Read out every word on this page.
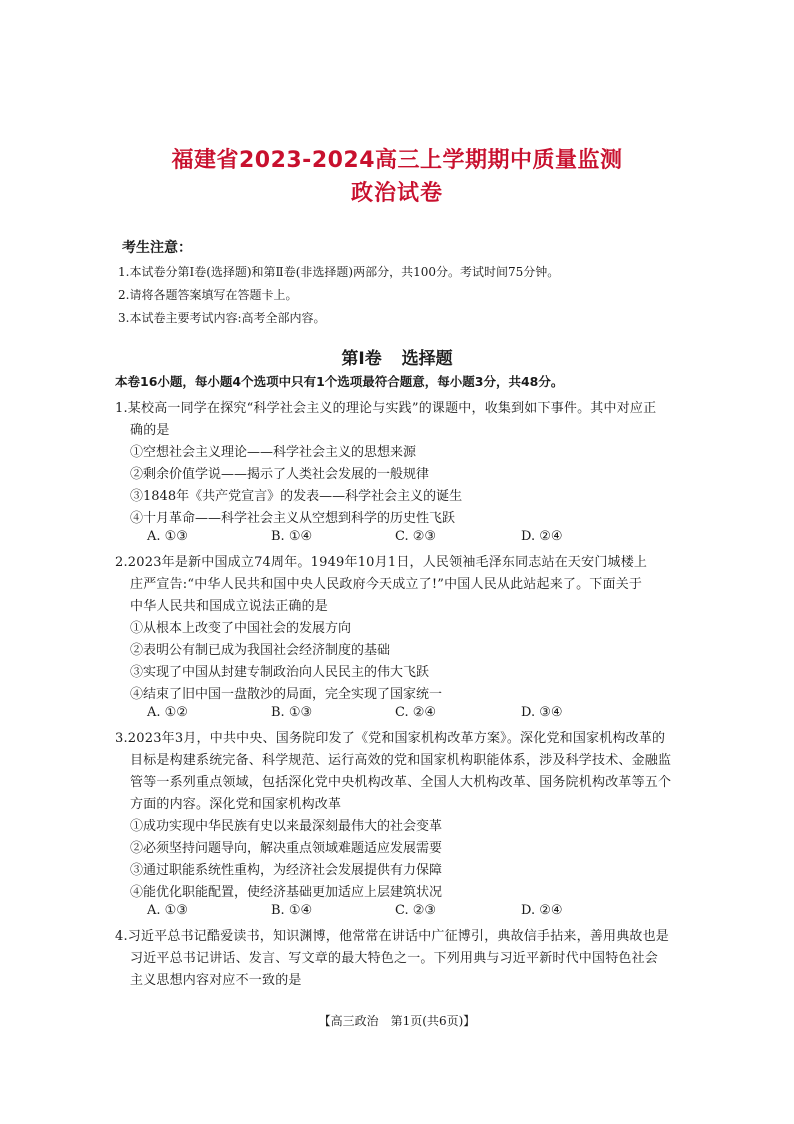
福建省2023-2024高三上学期期中质量监测
政治试卷
考生注意：
1.本试卷分第Ⅰ卷(选择题)和第Ⅱ卷(非选择题)两部分，共100分。考试时间75分钟。
2.请将各题答案填写在答题卡上。
3.本试卷主要考试内容:高考全部内容。
第Ⅰ卷 选择题
本卷16小题，每小题4个选项中只有1个选项最符合题意，每小题3分，共48分。
1.某校高一同学在探究“科学社会主义的理论与实践”的课题中，收集到如下事件。其中对应正
确的是
①空想社会主义理论——科学社会主义的思想来源
②剩余价值学说——揭示了人类社会发展的一般规律
③1848年《共产党宣言》的发表——科学社会主义的诞生
④十月革命——科学社会主义从空想到科学的历史性飞跃
A. ①③	B. ①④	C. ②③	D. ②④
2.2023年是新中国成立74周年。1949年10月1日，人民领袖毛泽东同志站在天安门城楼上
庄严宣告:“中华人民共和国中央人民政府今天成立了!”中国人民从此站起来了。下面关于
中华人民共和国成立说法正确的是
①从根本上改变了中国社会的发展方向
②表明公有制已成为我国社会经济制度的基础
③实现了中国从封建专制政治向人民民主的伟大飞跃
④结束了旧中国一盘散沙的局面，完全实现了国家统一
A. ①②	B. ①③	C. ②④	D. ③④
3.2023年3月，中共中央、国务院印发了《党和国家机构改革方案》。深化党和国家机构改革的
目标是构建系统完备、科学规范、运行高效的党和国家机构职能体系，涉及科学技术、金融监
管等一系列重点领域，包括深化党中央机构改革、全国人大机构改革、国务院机构改革等五个
方面的内容。深化党和国家机构改革
①成功实现中华民族有史以来最深刻最伟大的社会变革
②必须坚持问题导向，解决重点领域难题适应发展需要
③通过职能系统性重构，为经济社会发展提供有力保障
④能优化职能配置，使经济基础更加适应上层建筑状况
A. ①③	B. ①④	C. ②③	D. ②④
4.习近平总书记酷爱读书，知识渊博，他常常在讲话中广征博引，典故信手拈来，善用典故也是
习近平总书记讲话、发言、写文章的最大特色之一。下列用典与习近平新时代中国特色社会
主义思想内容对应不一致的是
【高三政治　第1页(共6页)】
